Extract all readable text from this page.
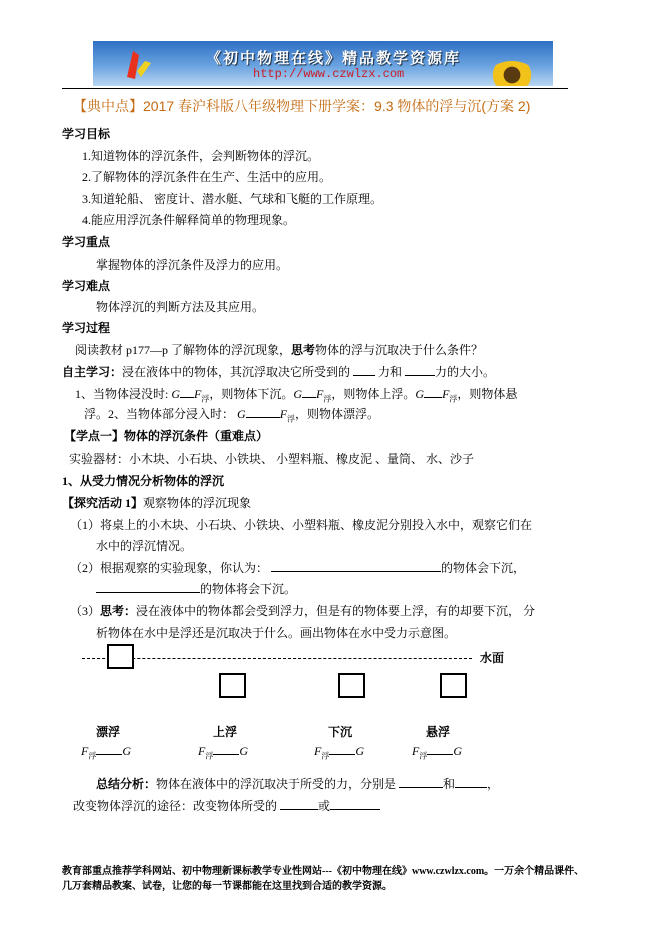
《初中物理在线》精品教学资源库
http://www.czwlzx.com
【典中点】2017 春沪科版八年级物理下册学案：9.3 物体的浮与沉(方案 2)
学习目标
1.知道物体的浮沉条件，会判断物体的浮沉。
2.了解物体的浮沉条件在生产、生活中的应用。
3.知道轮船、 密度计、潜水艇、气球和飞艇的工作原理。
4.能应用浮沉条件解释简单的物理现象。
学习重点
掌握物体的浮沉条件及浮力的应用。
学习难点
物体浮沉的判断方法及其应用。
学习过程
阅读教材 p177—p 了解物体的浮沉现象，思考物体的浮与沉取决于什么条件？
自主学习：浸在液体中的物体，其沉浮取决它所受到的 力和	力的大小。
1、当物体浸没时: G $F_浮$，则物体下沉。G $F_浮$，则物体上浮。G $F_浮$，则物体悬
浮。2、当物体部分浸入时： G	$F_浮$，则物体漂浮。
【学点一】物体的浮沉条件（重难点）
实验器材：小木块、小石块、小铁块、 小塑料瓶、橡皮泥 、量筒、 水、沙子
1、从受力情况分析物体的浮沉
【探究活动 1】观察物体的浮沉现象
（1）将桌上的小木块、小石块、小铁块、小塑料瓶、橡皮泥分别投入水中，观察它们在
水中的浮沉情况。
（2）根据观察的实验现象，你认为：	的物体会下沉，
的物体将会下沉。
（3）思考：浸在液体中的物体都会受到浮力，但是有的物体要上浮，有的却要下沉， 分
析物体在水中是浮还是沉取决于什么。画出物体在水中受力示意图。
水面
漂浮	上浮	下沉	悬浮
$F_浮$ G	$F_浮$ G	$F_浮$ G	$F_浮$ G
总结分析：物体在液体中的浮沉取决于所受的力，分别是	和	，
改变物体浮沉的途径：改变物体所受的	或
教育部重点推荐学科网站、初中物理新课标教学专业性网站---《初中物理在线》www.czwlzx.com。一万余个精品课件、
几万套精品教案、试卷，让您的每一节课都能在这里找到合适的教学资源。
